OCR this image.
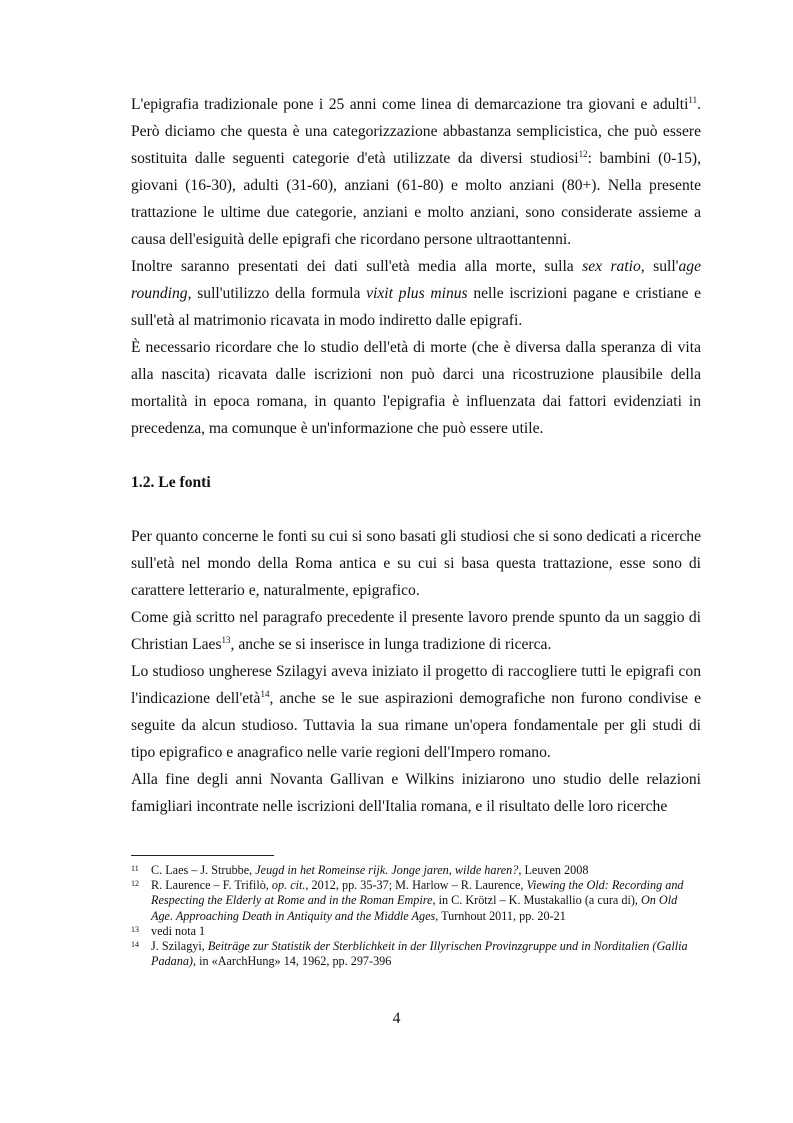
L'epigrafia tradizionale pone i 25 anni come linea di demarcazione tra giovani e adulti$^{11}$. Però diciamo che questa è una categorizzazione abbastanza semplicistica, che può essere sostituita dalle seguenti categorie d'età utilizzate da diversi studiosi$^{12}$: bambini (0-15), giovani (16-30), adulti (31-60), anziani (61-80) e molto anziani (80+). Nella presente trattazione le ultime due categorie, anziani e molto anziani, sono considerate assieme a causa dell'esiguità delle epigrafi che ricordano persone ultraottantenni.

Inoltre saranno presentati dei dati sull'età media alla morte, sulla sex ratio, sull'age rounding, sull'utilizzo della formula vixit plus minus nelle iscrizioni pagane e cristiane e sull'età al matrimonio ricavata in modo indiretto dalle epigrafi.

È necessario ricordare che lo studio dell'età di morte (che è diversa dalla speranza di vita alla nascita) ricavata dalle iscrizioni non può darci una ricostruzione plausibile della mortalità in epoca romana, in quanto l'epigrafia è influenzata dai fattori evidenziati in precedenza, ma comunque è un'informazione che può essere utile.

1.2. Le fonti

Per quanto concerne le fonti su cui si sono basati gli studiosi che si sono dedicati a ricerche sull'età nel mondo della Roma antica e su cui si basa questa trattazione, esse sono di carattere letterario e, naturalmente, epigrafico.

Come già scritto nel paragrafo precedente il presente lavoro prende spunto da un saggio di Christian Laes$^{13}$, anche se si inserisce in lunga tradizione di ricerca.

Lo studioso ungherese Szilagyi aveva iniziato il progetto di raccogliere tutti le epigrafi con l'indicazione dell'età$^{14}$, anche se le sue aspirazioni demografiche non furono condivise e seguite da alcun studioso. Tuttavia la sua rimane un'opera fondamentale per gli studi di tipo epigrafico e anagrafico nelle varie regioni dell'Impero romano.

Alla fine degli anni Novanta Gallivan e Wilkins iniziarono uno studio delle relazioni famigliari incontrate nelle iscrizioni dell'Italia romana, e il risultato delle loro ricerche

11	C. Laes – J. Strubbe, Jeugd in het Romeinse rijk. Jonge jaren, wilde haren?, Leuven 2008
12 R. Laurence – F. Trifilò, op. cit., 2012, pp. 35-37; M. Harlow – R. Laurence, Viewing the Old: Recording and Respecting the Elderly at Rome and in the Roman Empire, in C. Krötzl – K. Mustakallio (a cura di), On Old Age. Approaching Death in Antiquity and the Middle Ages, Turnhout 2011, pp. 20-21
13 vedi nota 1
14 J. Szilagyi, Beiträge zur Statistik der Sterblichkeit in der Illyrischen Provinzgruppe und in Norditalien (Gallia Padana), in «AarchHung» 14, 1962, pp. 297-396
4
